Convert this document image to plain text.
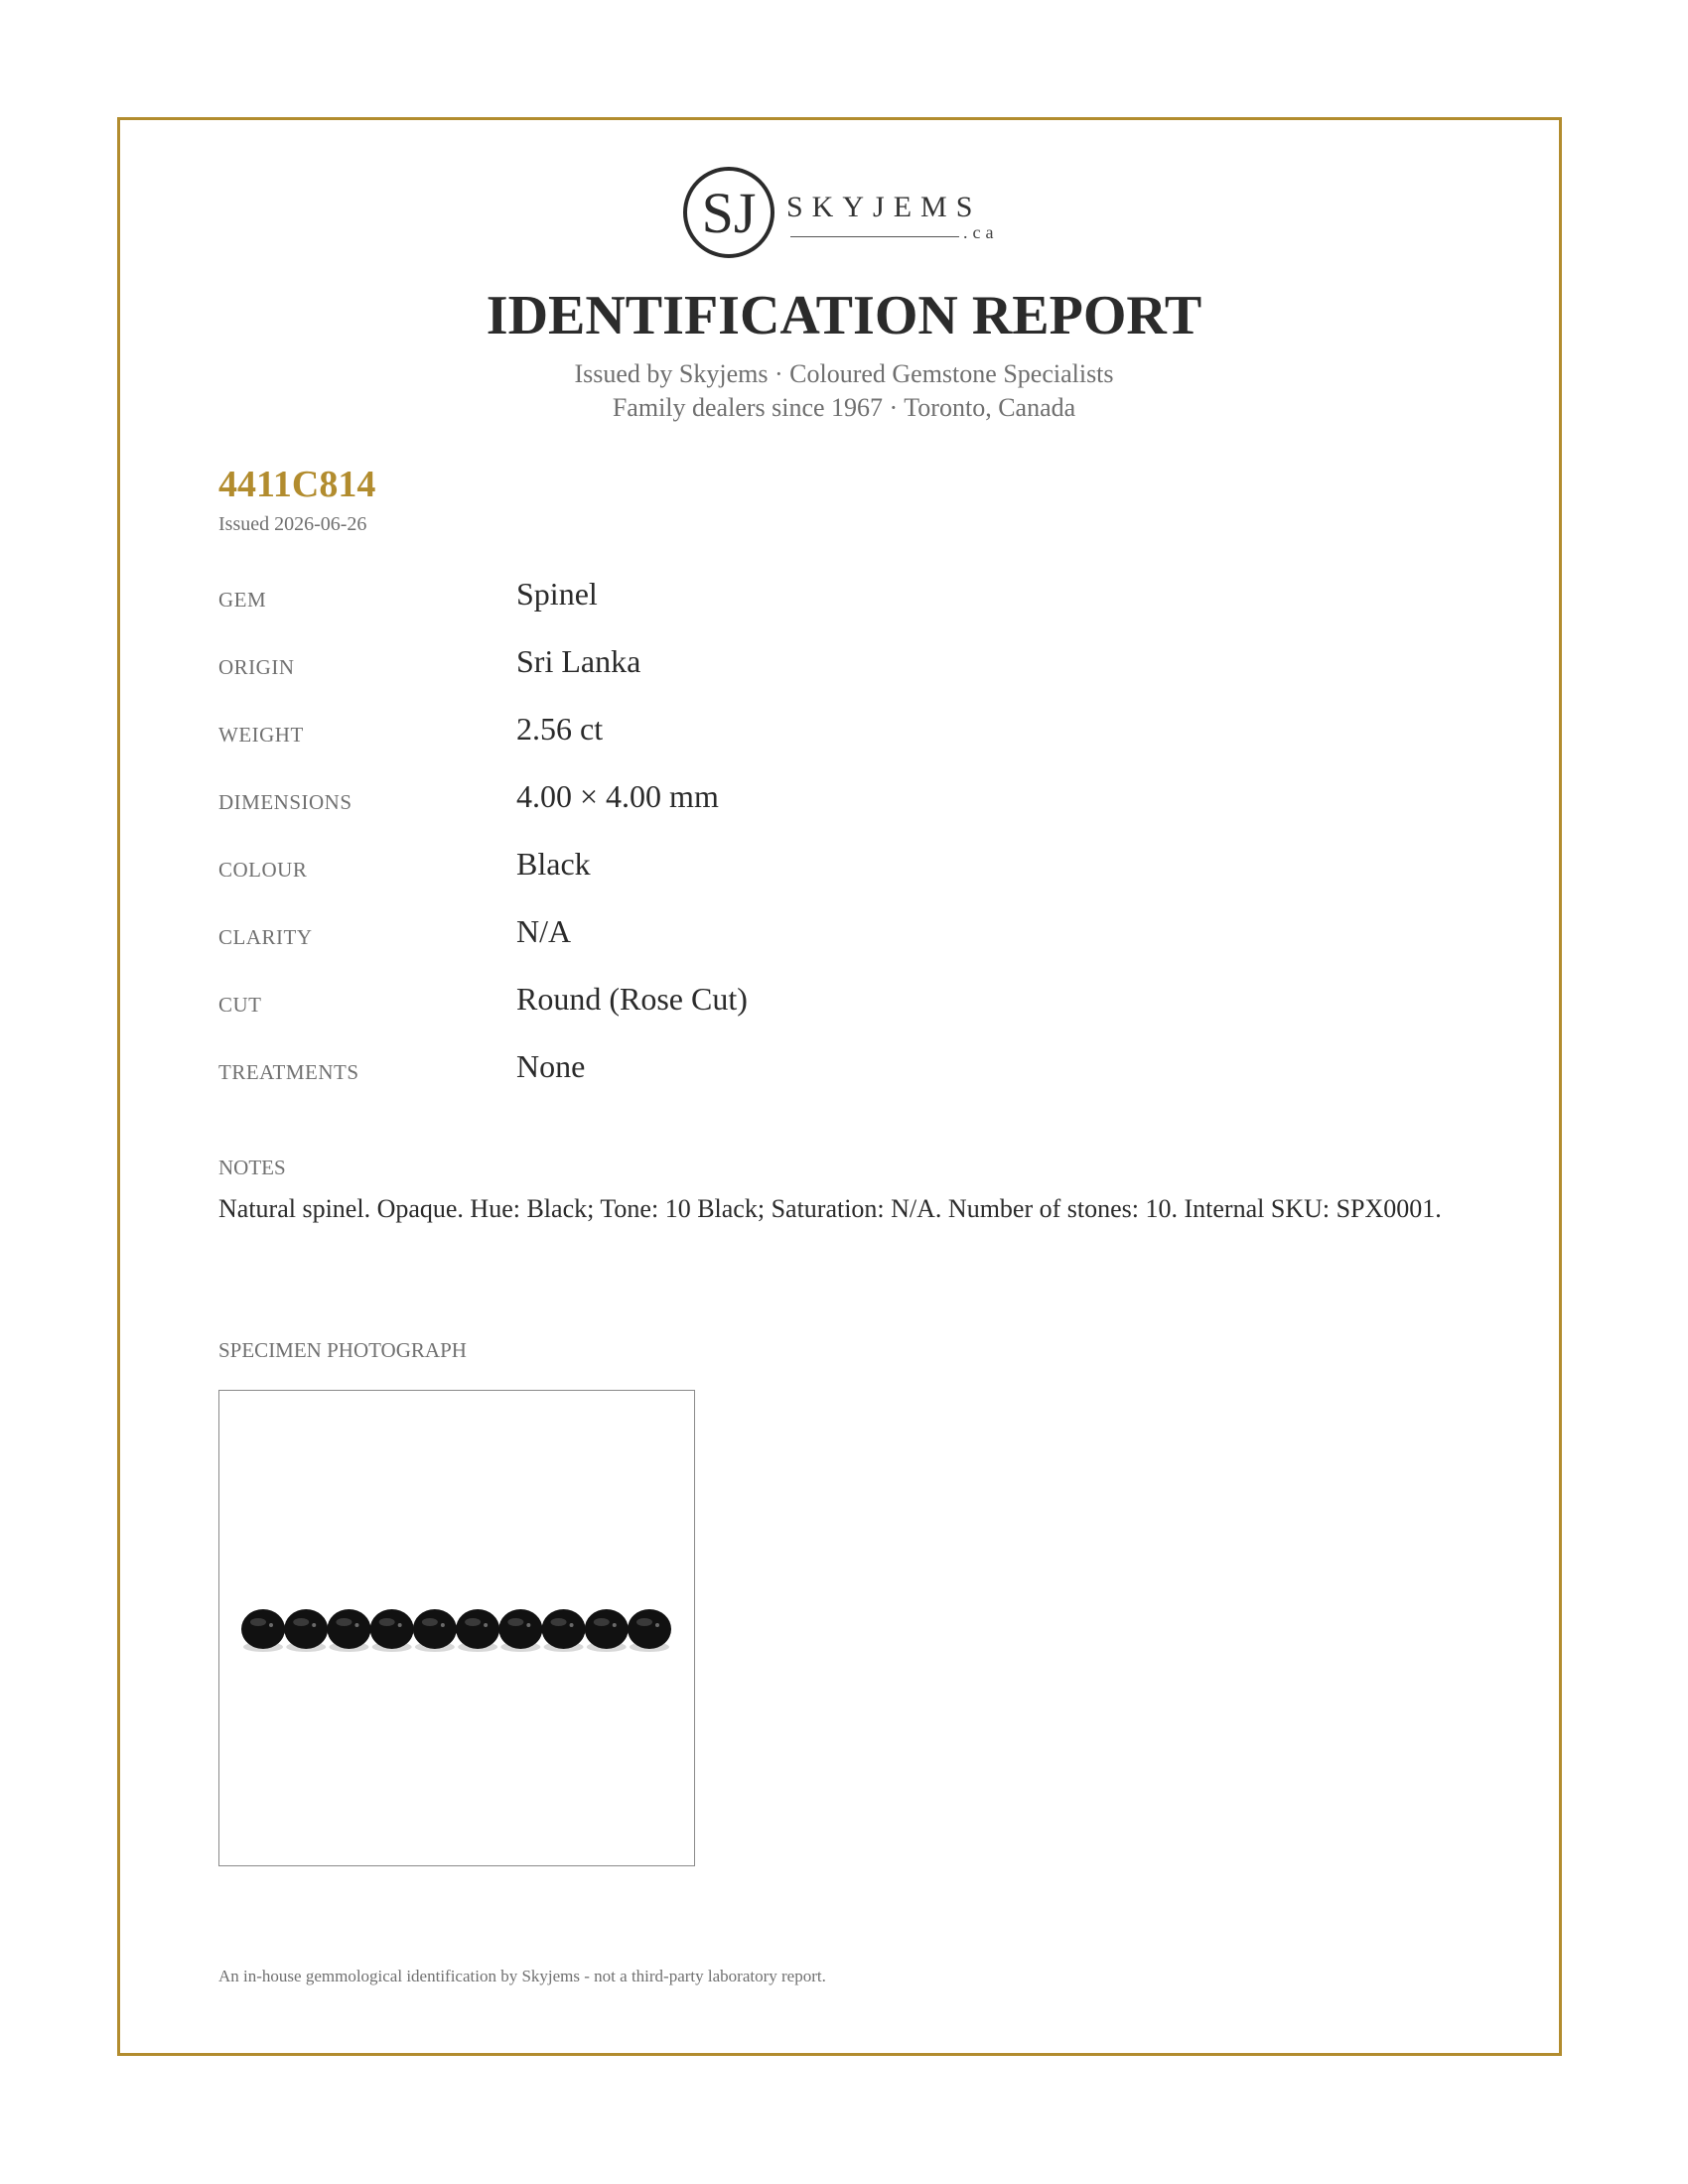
SJ SKYJEMS
.ca
IDENTIFICATION REPORT
Issued by Skyjems · Coloured Gemstone Specialists
Family dealers since 1967 · Toronto, Canada
4411C814
Issued 2026-06-26
GEM	Spinel
ORIGIN	Sri Lanka
WEIGHT	2.56 ct
DIMENSIONS	4.00 × 4.00 mm
COLOUR	Black
CLARITY	N/A
CUT	Round (Rose Cut)
TREATMENTS	None
NOTES
Natural spinel. Opaque. Hue: Black; Tone: 10 Black; Saturation: N/A. Number of stones: 10. Internal SKU: SPX0001.
SPECIMEN PHOTOGRAPH
An in-house gemmological identification by Skyjems - not a third-party laboratory report.
